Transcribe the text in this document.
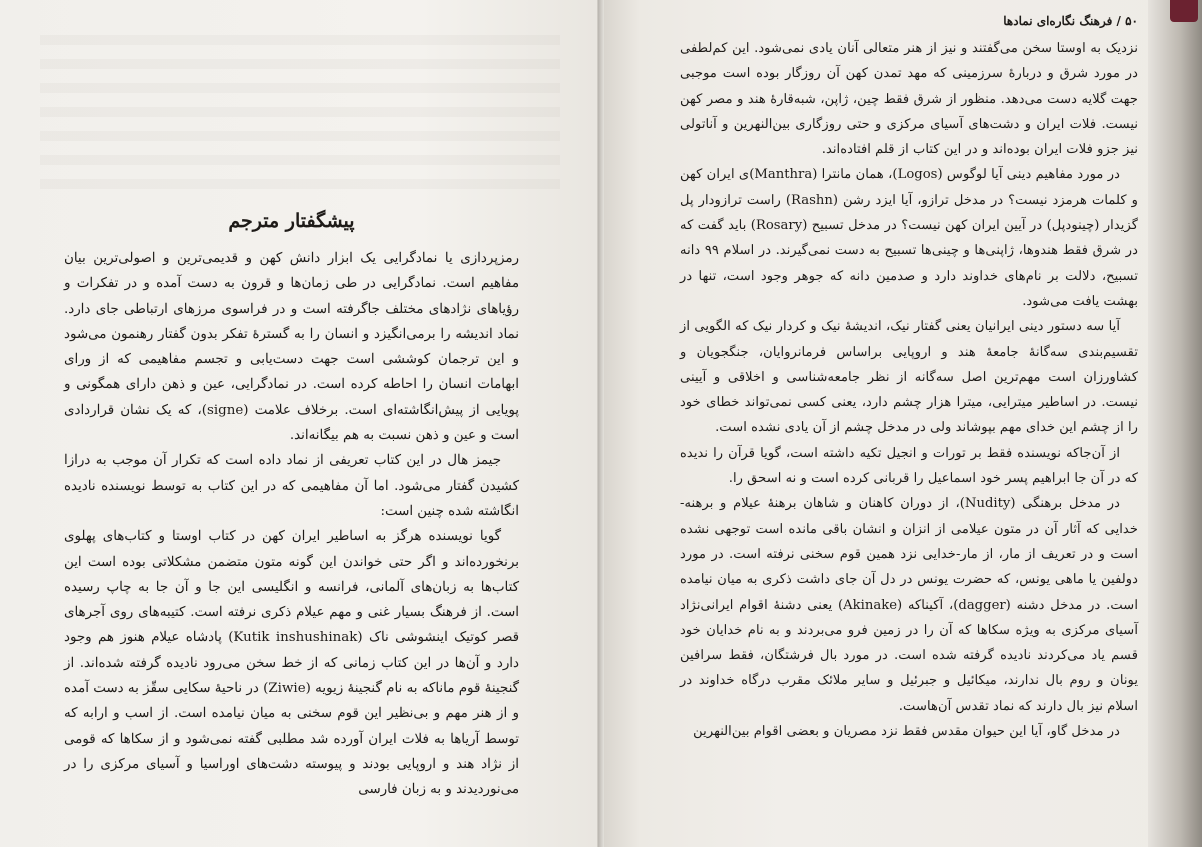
پیشگفتار مترجم

رمزپردازی یا نمادگرایی یک ابزار دانش کهن و قدیمی‌ترین و اصولی‌ترین بیان مفاهیم است. نمادگرایی در طی زمان‌ها و قرون به دست آمده و در تفکرات و رؤیاهای نژادهای مختلف جاگرفته است و در فراسوی مرزهای ارتباطی جای دارد. نماد اندیشه را برمی‌انگیزد و انسان را به گسترهٔ تفکر بدون گفتار رهنمون می‌شود و این ترجمان کوششی است جهت دست‌یابی و تجسم مفاهیمی که از ورای ابهامات انسان را احاطه کرده است. در نمادگرایی، عین و ذهن دارای همگونی و پویایی از پیش‌انگاشته‌ای است. برخلاف علامت (signe)، که یک نشان قراردادی است و عین و ذهن نسبت به هم بیگانه‌اند.

جیمز هال در این کتاب تعریفی از نماد داده است که تکرار آن موجب به درازا کشیدن گفتار می‌شود. اما آن مفاهیمی که در این کتاب به توسط نویسنده نادیده انگاشته شده چنین است:

گویا نویسنده هرگز به اساطیر ایران کهن در کتاب اوستا و کتاب‌های پهلوی برنخورده‌اند و اگر حتی خواندن این گونه متون متضمن مشکلاتی بوده است این کتاب‌ها به زبان‌های آلمانی، فرانسه و انگلیسی این جا و آن جا به چاپ رسیده است. از فرهنگ بسیار غنی و مهم عیلام ذکری نرفته است. کتیبه‌های روی آجرهای قصر کوتیک اینشوشی ناک (Kutik inshushinak) پادشاه عیلام هنوز هم وجود دارد و آن‌ها در این کتاب زمانی که از خط سخن می‌رود نادیده گرفته شده‌اند. از گنجینهٔ قوم ماناکه به نام گنجینهٔ زیویه (Ziwie) در ناحیهٔ سکایی سقّز به دست آمده و از هنر مهم و بی‌نظیر این قوم سخنی به میان نیامده است. از اسب و ارابه که توسط آریاها به فلات ایران آورده شد مطلبی گفته نمی‌شود و از سکاها که قومی از نژاد هند و اروپایی بودند و پیوسته دشت‌های اوراسیا و آسیای مرکزی را در می‌نوردیدند و به زبان فارسی

۵۰ / فرهنگ نگاره‌ای نمادها

نزدیک به اوستا سخن می‌گفتند و نیز از هنر متعالی آنان یادی نمی‌شود. این کم‌لطفی در مورد شرق و دربارهٔ سرزمینی که مهد تمدن کهن آن روزگار بوده است موجبی جهت گلایه دست می‌دهد. منظور از شرق فقط چین، ژاپن، شبه‌قارهٔ هند و مصر کهن نیست. فلات ایران و دشت‌های آسیای مرکزی و حتی روزگاری بین‌النهرین و آناتولی نیز جزو فلات ایران بوده‌اند و در این کتاب از قلم افتاده‌اند.

در مورد مفاهیم دینی آیا لوگوس (Logos)، همان مانترا (Manthra)ی ایران کهن و کلمات هرمزد نیست؟ در مدخل ترازو، آیا ایزد رشن (Rashn) راست ترازودار پل گزیدار (چینودپل) در آیین ایران کهن نیست؟ در مدخل تسبیح (Rosary) باید گفت که در شرق فقط هندوها، ژاپنی‌ها و چینی‌ها تسبیح به دست نمی‌گیرند. در اسلام ۹۹ دانه تسبیح، دلالت بر نام‌های خداوند دارد و صدمین دانه که جوهر وجود است، تنها در بهشت یافت می‌شود.

آیا سه دستور دینی ایرانیان یعنی گفتار نیک، اندیشهٔ نیک و کردار نیک که الگویی از تقسیم‌بندی سه‌گانهٔ جامعهٔ هند و اروپایی براساس فرمانروایان، جنگجویان و کشاورزان است مهم‌ترین اصل سه‌گانه از نظر جامعه‌شناسی و اخلاقی و آیینی نیست. در اساطیر میترایی، میترا هزار چشم دارد، یعنی کسی نمی‌تواند خطای خود را از چشم این خدای مهم بپوشاند ولی در مدخل چشم از آن یادی نشده است.

از آن‌جاکه نویسنده فقط بر تورات و انجیل تکیه داشته است، گویا قرآن را ندیده که در آن جا ابراهیم پسر خود اسماعیل را قربانی کرده است و نه اسحق را.

در مدخل برهنگی (Nudity)، از دوران کاهنان و شاهان برهنهٔ عیلام و برهنه-خدایی که آثار آن در متون عیلامی از انزان و انشان باقی مانده است توجهی نشده است و در تعریف از مار، از مار-خدایی نزد همین قوم سخنی نرفته است. در مورد دولفین یا ماهی یونس، که حضرت یونس در دل آن جای داشت ذکری به میان نیامده است. در مدخل دشنه (dagger)، آکیناکه (Akinake) یعنی دشنهٔ اقوام ایرانی‌نژاد آسیای مرکزی به ویژه سکاها که آن را در زمین فرو می‌بردند و به نام خدایان خود قسم یاد می‌کردند نادیده گرفته شده است. در مورد بال فرشتگان، فقط سرافین یونان و روم بال ندارند، میکائیل و جبرئیل و سایر ملائک مقرب درگاه خداوند در اسلام نیز بال دارند که نماد تقدس آن‌هاست.

در مدخل گاو، آیا این حیوان مقدس فقط نزد مصریان و بعضی اقوام بین‌النهرین
